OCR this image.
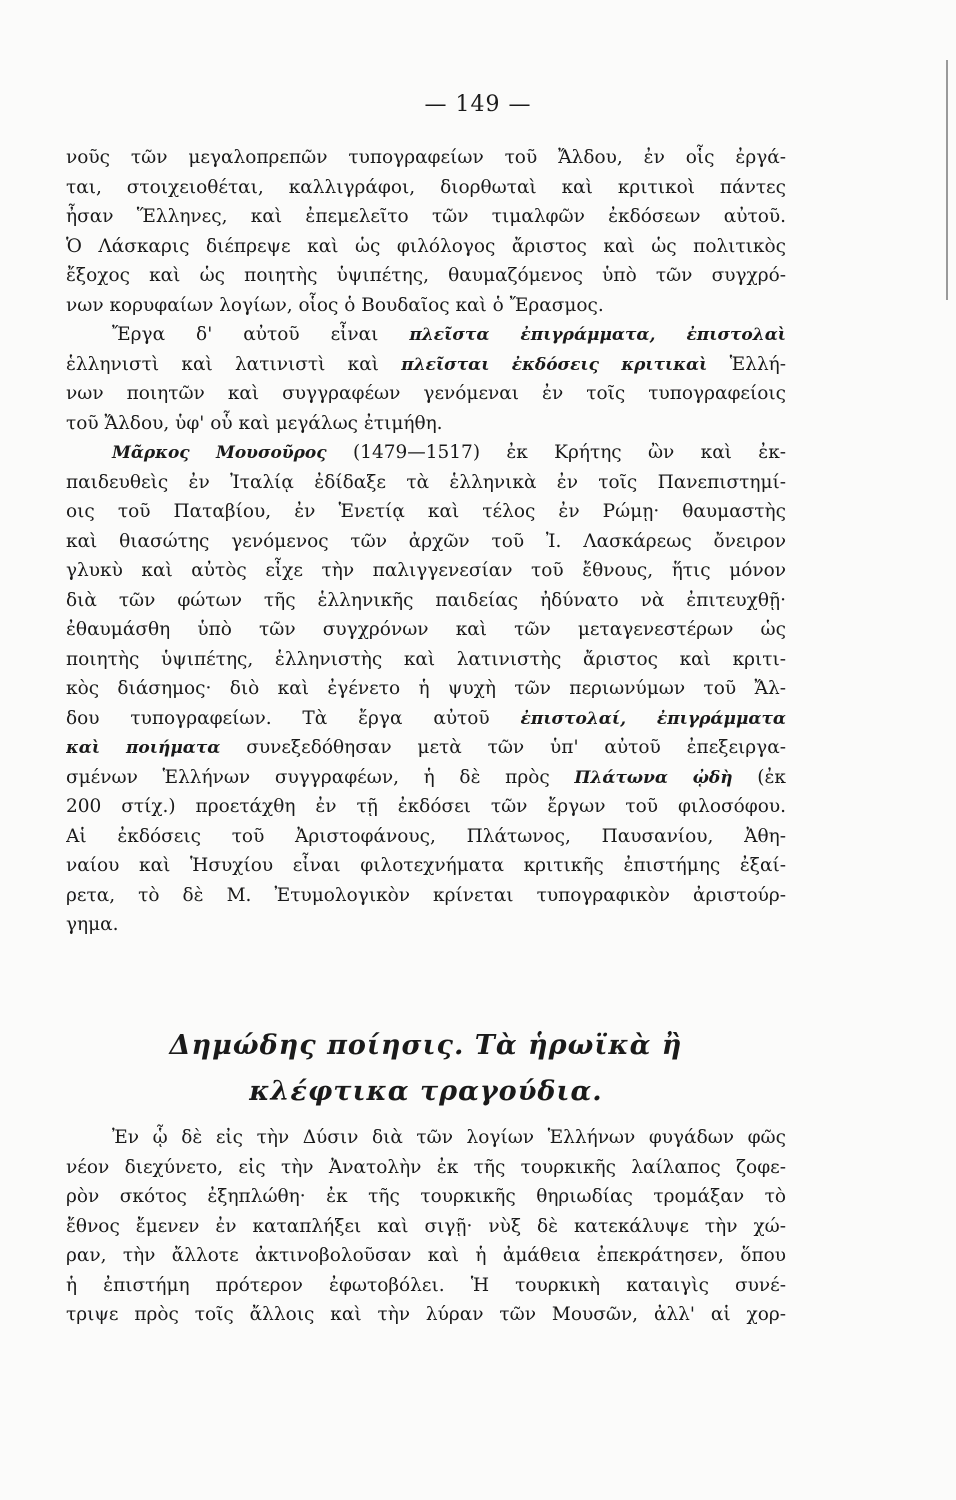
— 149 —
νοῦς τῶν μεγαλοπρεπῶν τυπογραφείων τοῦ Ἄλδου, ἐν οἷς ἐργά-
ται, στοιχειοθέται, καλλιγράφοι, διορθωταὶ καὶ κριτικοὶ πάντες
ἦσαν Ἕλληνες, καὶ ἐπεμελεῖτο τῶν τιμαλφῶν ἐκδόσεων αὐτοῦ.
Ὁ Λάσκαρις διέπρεψε καὶ ὡς φιλόλογος ἄριστος καὶ ὡς πολιτικὸς
ἔξοχος καὶ ὡς ποιητὴς ὑψιπέτης, θαυμαζόμενος ὑπὸ τῶν συγχρό-
νων κορυφαίων λογίων, οἷος ὁ Βουδαῖος καὶ ὁ Ἔρασμος.
Ἔργα δ' αὐτοῦ εἶναι πλεῖστα ἐπιγράμματα, ἐπιστολαὶ
ἑλληνιστὶ καὶ λατινιστὶ καὶ πλεῖσται ἐκδόσεις κριτικαὶ Ἑλλή-
νων ποιητῶν καὶ συγγραφέων γενόμεναι ἐν τοῖς τυπογραφείοις
τοῦ Ἄλδου, ὑφ' οὗ καὶ μεγάλως ἐτιμήθη.
Μᾶρκος Μουσοῦρος (1479—1517) ἐκ Κρήτης ὢν καὶ ἐκ-
παιδευθεὶς ἐν Ἰταλίᾳ ἐδίδαξε τὰ ἑλληνικὰ ἐν τοῖς Πανεπιστημί-
οις τοῦ Παταβίου, ἐν Ἑνετίᾳ καὶ τέλος ἐν Ρώμῃ· θαυμαστὴς
καὶ θιασώτης γενόμενος τῶν ἀρχῶν τοῦ Ἰ. Λασκάρεως ὄνειρον
γλυκὺ καὶ αὐτὸς εἶχε τὴν παλιγγενεσίαν τοῦ ἔθνους, ἥτις μόνον
διὰ τῶν φώτων τῆς ἑλληνικῆς παιδείας ἠδύνατο νὰ ἐπιτευχθῇ·
ἐθαυμάσθη ὑπὸ τῶν συγχρόνων καὶ τῶν μεταγενεστέρων ὡς
ποιητὴς ὑψιπέτης, ἑλληνιστὴς καὶ λατινιστὴς ἄριστος καὶ κριτι-
κὸς διάσημος· διὸ καὶ ἐγένετο ἡ ψυχὴ τῶν περιωνύμων τοῦ Ἄλ-
δου τυπογραφείων. Τὰ ἔργα αὐτοῦ ἐπιστολαί, ἐπιγράμματα
καὶ ποιήματα συνεξεδόθησαν μετὰ τῶν ὑπ' αὐτοῦ ἐπεξειργα-
σμένων Ἑλλήνων συγγραφέων, ἡ δὲ πρὸς Πλάτωνα ᾠδὴ (ἐκ
200 στίχ.) προετάχθη ἐν τῇ ἐκδόσει τῶν ἔργων τοῦ φιλοσόφου.
Αἱ ἐκδόσεις τοῦ Ἀριστοφάνους, Πλάτωνος, Παυσανίου, Ἀθη-
ναίου καὶ Ἡσυχίου εἶναι φιλοτεχνήματα κριτικῆς ἐπιστήμης ἐξαί-
ρετα, τὸ δὲ Μ. Ἐτυμολογικὸν κρίνεται τυπογραφικὸν ἀριστούρ-
γημα.
Δημώδης ποίησις. Τὰ ἡρωϊκὰ ἢ
κλέφτικα τραγούδια.
Ἐν ᾧ δὲ εἰς τὴν Δύσιν διὰ τῶν λογίων Ἑλλήνων φυγάδων φῶς
νέον διεχύνετο, εἰς τὴν Ἀνατολὴν ἐκ τῆς τουρκικῆς λαίλαπος ζοφε-
ρὸν σκότος ἐξηπλώθη· ἐκ τῆς τουρκικῆς θηριωδίας τρομάξαν τὸ
ἔθνος ἔμενεν ἐν καταπλήξει καὶ σιγῇ· νὺξ δὲ κατεκάλυψε τὴν χώ-
ραν, τὴν ἄλλοτε ἀκτινοβολοῦσαν καὶ ἡ ἀμάθεια ἐπεκράτησεν, ὅπου
ἡ ἐπιστήμη πρότερον ἐφωτοβόλει. Ἡ τουρκικὴ καταιγὶς συνέ-
τριψε πρὸς τοῖς ἄλλοις καὶ τὴν λύραν τῶν Μουσῶν, ἀλλ' αἱ χορ-
